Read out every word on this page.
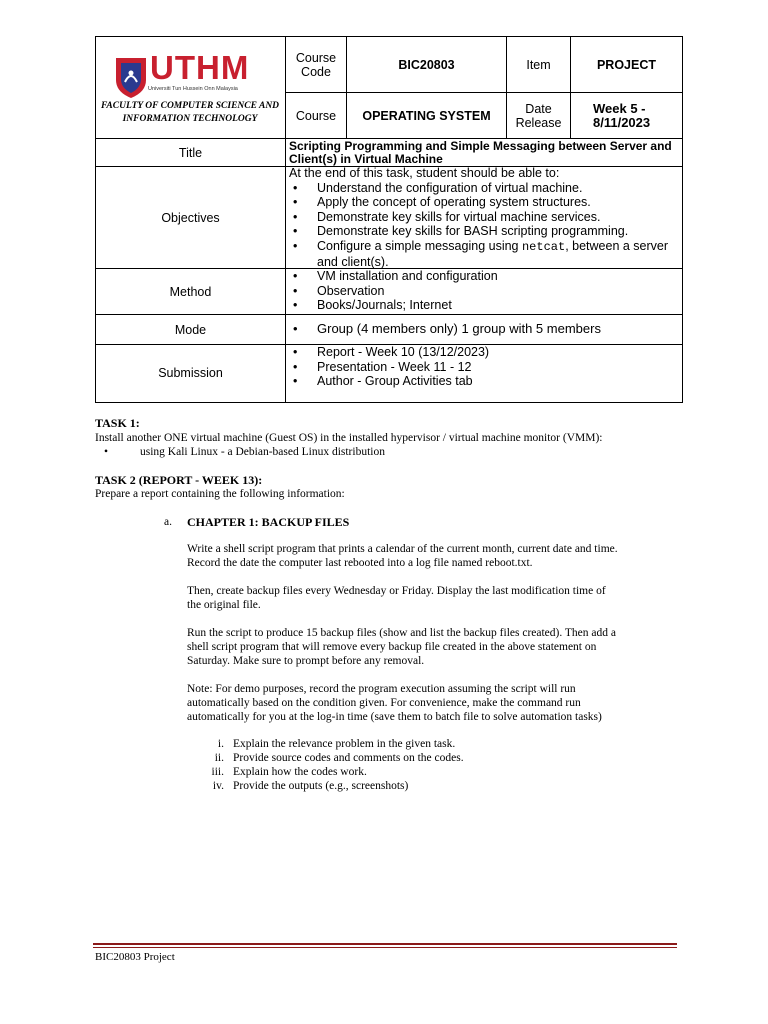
UTHM
Universiti Tun Hussein Onn Malaysia
FACULTY OF COMPUTER SCIENCE AND INFORMATION TECHNOLOGY
Course Code	BIC20803	Item	PROJECT
Course	OPERATING SYSTEM	Date Release
Week 5 - 8/11/2023
Title	Scripting Programming and Simple Messaging between Server and Client(s) in Virtual Machine
Objectives
At the end of this task, student should be able to:
• Understand the configuration of virtual machine.
• Apply the concept of operating system structures.
• Demonstrate key skills for virtual machine services.
• Demonstrate key skills for BASH scripting programming.
• Configure a simple messaging using netcat, between a server and client(s).
Method
• VM installation and configuration
• Observation
• Books/Journals; Internet
Mode
•	Group (4 members only) 1 group with 5 members
Submission
• Report - Week 10 (13/12/2023)
• Presentation - Week 11 - 12
• Author - Group Activities tab
TASK 1:
Install another ONE virtual machine (Guest OS) in the installed hypervisor / virtual machine monitor (VMM):
•	using Kali Linux - a Debian-based Linux distribution
TASK 2 (REPORT - WEEK 13):
Prepare a report containing the following information:
a. CHAPTER 1: BACKUP FILES
Write a shell script program that prints a calendar of the current month, current date and time.
Record the date the computer last rebooted into a log file named reboot.txt.
Then, create backup files every Wednesday or Friday. Display the last modification time of
the original file.
Run the script to produce 15 backup files (show and list the backup files created). Then add a
shell script program that will remove every backup file created in the above statement on
Saturday. Make sure to prompt before any removal.
Note: For demo purposes, record the program execution assuming the script will run
automatically based on the condition given. For convenience, make the command run
automatically for you at the log-in time (save them to batch file to solve automation tasks)
i. Explain the relevance problem in the given task.
ii. Provide source codes and comments on the codes.
iii. Explain how the codes work.
iv. Provide the outputs (e.g., screenshots)
BIC20803 Project
